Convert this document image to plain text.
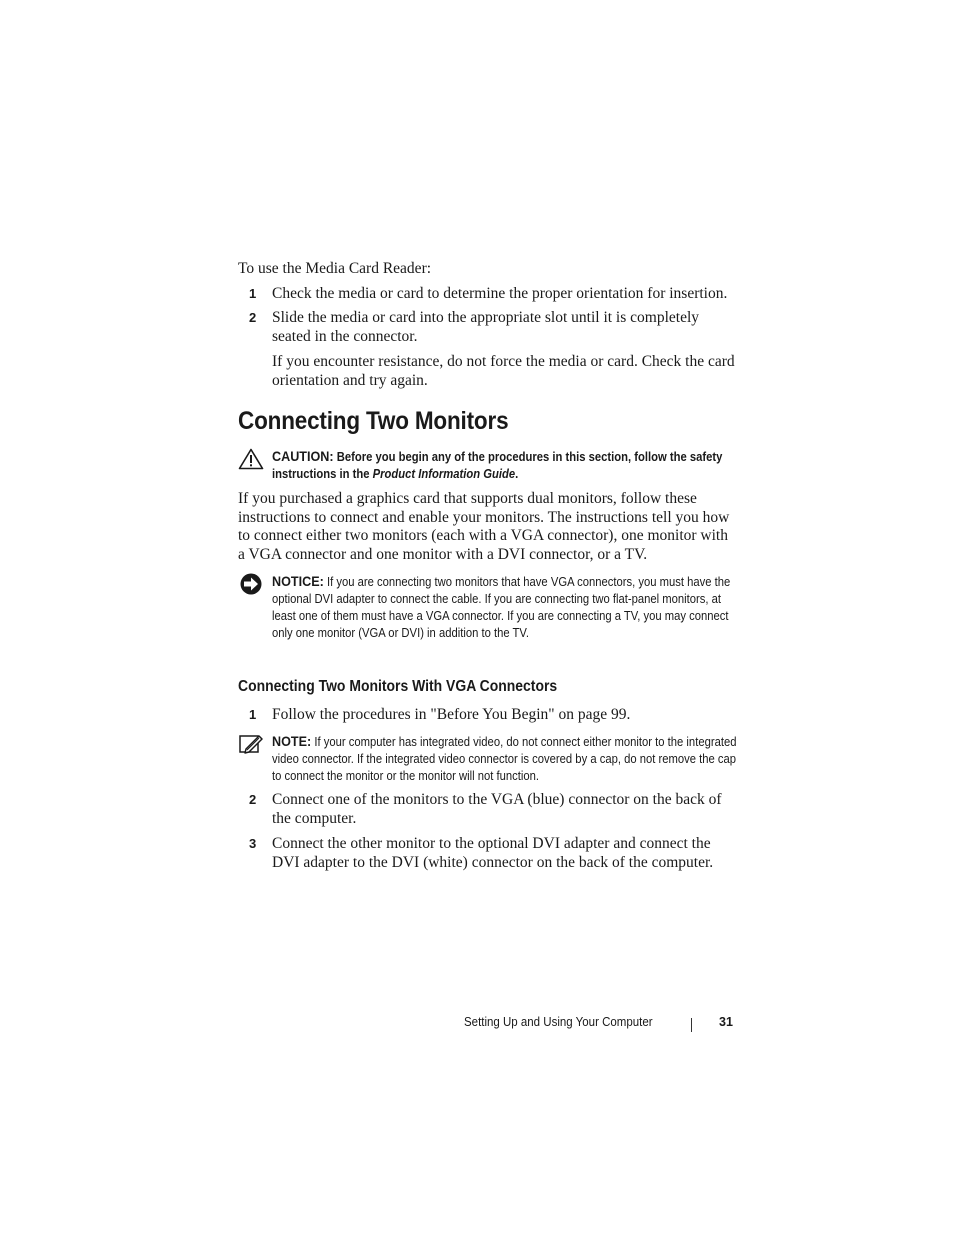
To use the Media Card Reader:
1 Check the media or card to determine the proper orientation for insertion.
2 Slide the media or card into the appropriate slot until it is completely seated in the connector.
If you encounter resistance, do not force the media or card. Check the card orientation and try again.
Connecting Two Monitors
CAUTION: Before you begin any of the procedures in this section, follow the safety instructions in the Product Information Guide.
If you purchased a graphics card that supports dual monitors, follow these instructions to connect and enable your monitors. The instructions tell you how to connect either two monitors (each with a VGA connector), one monitor with a VGA connector and one monitor with a DVI connector, or a TV.
NOTICE: If you are connecting two monitors that have VGA connectors, you must have the optional DVI adapter to connect the cable. If you are connecting two flat-panel monitors, at least one of them must have a VGA connector. If you are connecting a TV, you may connect only one monitor (VGA or DVI) in addition to the TV.
Connecting Two Monitors With VGA Connectors
1 Follow the procedures in "Before You Begin" on page 99.
NOTE: If your computer has integrated video, do not connect either monitor to the integrated video connector. If the integrated video connector is covered by a cap, do not remove the cap to connect the monitor or the monitor will not function.
2 Connect one of the monitors to the VGA (blue) connector on the back of the computer.
3 Connect the other monitor to the optional DVI adapter and connect the DVI adapter to the DVI (white) connector on the back of the computer.
Setting Up and Using Your Computer	31
